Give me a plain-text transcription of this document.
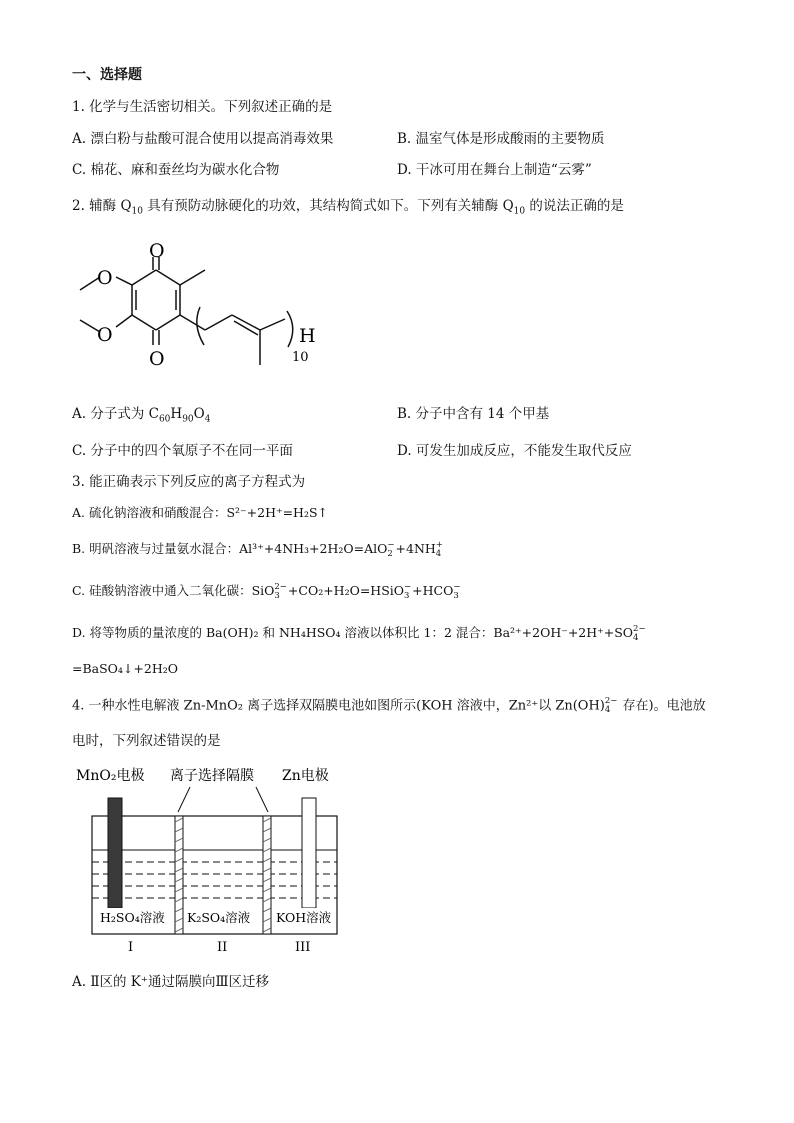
一、选择题
1. 化学与生活密切相关。下列叙述正确的是
A. 漂白粉与盐酸可混合使用以提高消毒效果	B. 温室气体是形成酸雨的主要物质
C. 棉花、麻和蚕丝均为碳水化合物	D. 干冰可用在舞台上制造“云雾”
2. 辅酶 $Q_{10}$ 具有预防动脉硬化的功效，其结构简式如下。下列有关辅酶 $Q_{10}$ 的说法正确的是
O
O
O
O	H
10
A. 分子式为 $C_{60}H_{90}O_4$	B. 分子中含有 14 个甲基
C. 分子中的四个氧原子不在同一平面	D. 可发生加成反应，不能发生取代反应
3. 能正确表示下列反应的离子方程式为
A. 硫化钠溶液和硝酸混合：S²⁻+2H⁺=H₂S↑
B. 明矾溶液与过量氨水混合：Al³⁺+4NH₃+2H₂O=AlO −
2 +4NH +
4
C. 硅酸钠溶液中通入二氧化碳：SiO 2−
3 +CO₂+H₂O=HSiO −
3 +HCO −
3
D. 将等物质的量浓度的 Ba(OH)₂ 和 NH₄HSO₄ 溶液以体积比 1：2 混合：Ba²⁺+2OH⁻+2H⁺+SO 2−
4
=BaSO₄↓+2H₂O
4. 一种水性电解液 Zn-MnO₂ 离子选择双隔膜电池如图所示(KOH 溶液中，Zn²⁺以 Zn(OH) 2−
4 存在)。电池放
电时，下列叙述错误的是
MnO₂电极 离子选择隔膜 Zn电极
H₂SO₄溶液 K₂SO₄溶液 KOH溶液
I	II	III
A. Ⅱ区的 K⁺通过隔膜向Ⅲ区迁移
